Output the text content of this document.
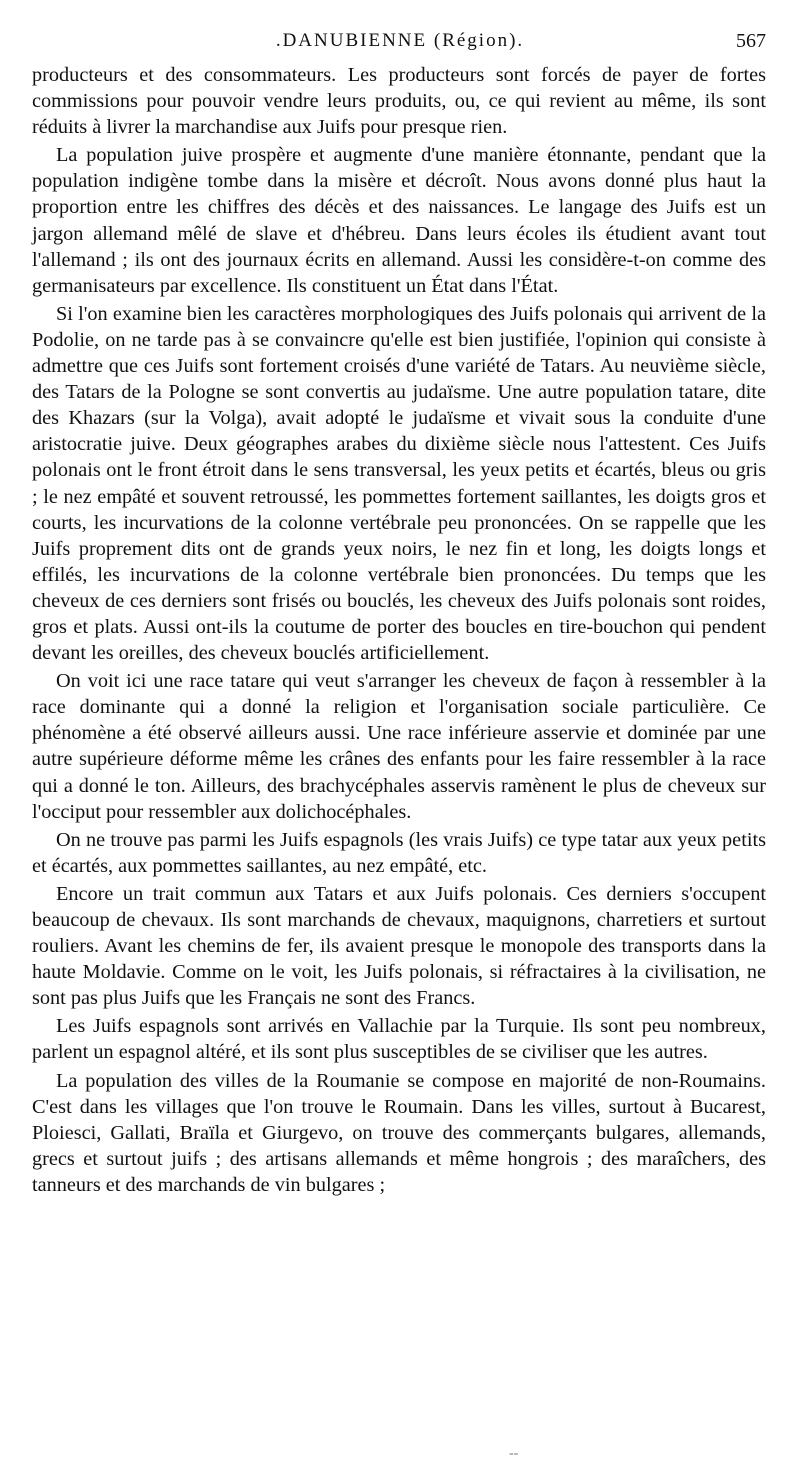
.DANUBIENNE (Région).	567

producteurs et des consommateurs. Les producteurs sont forcés de payer de fortes commissions pour pouvoir vendre leurs produits, ou, ce qui revient au même, ils sont réduits à livrer la marchandise aux Juifs pour presque rien.

La population juive prospère et augmente d'une manière étonnante, pendant que la population indigène tombe dans la misère et décroît. Nous avons donné plus haut la proportion entre les chiffres des décès et des naissances. Le langage des Juifs est un jargon allemand mêlé de slave et d'hébreu. Dans leurs écoles ils étudient avant tout l'allemand ; ils ont des journaux écrits en allemand. Aussi les considère-t-on comme des germanisateurs par excellence. Ils constituent un État dans l'État.

Si l'on examine bien les caractères morphologiques des Juifs polonais qui arrivent de la Podolie, on ne tarde pas à se convaincre qu'elle est bien justifiée, l'opinion qui consiste à admettre que ces Juifs sont fortement croisés d'une variété de Tatars. Au neuvième siècle, des Tatars de la Pologne se sont convertis au judaïsme. Une autre population tatare, dite des Khazars (sur la Volga), avait adopté le judaïsme et vivait sous la conduite d'une aristocratie juive. Deux géographes arabes du dixième siècle nous l'attestent. Ces Juifs polonais ont le front étroit dans le sens transversal, les yeux petits et écartés, bleus ou gris ; le nez empâté et souvent retroussé, les pommettes fortement saillantes, les doigts gros et courts, les incurvations de la colonne vertébrale peu prononcées. On se rappelle que les Juifs proprement dits ont de grands yeux noirs, le nez fin et long, les doigts longs et effilés, les incurvations de la colonne vertébrale bien prononcées. Du temps que les cheveux de ces derniers sont frisés ou bouclés, les cheveux des Juifs polonais sont roides, gros et plats. Aussi ont-ils la coutume de porter des boucles en tire-bouchon qui pendent devant les oreilles, des cheveux bouclés artificiellement.

On voit ici une race tatare qui veut s'arranger les cheveux de façon à ressembler à la race dominante qui a donné la religion et l'organisation sociale particulière. Ce phénomène a été observé ailleurs aussi. Une race inférieure asservie et dominée par une autre supérieure déforme même les crânes des enfants pour les faire ressembler à la race qui a donné le ton. Ailleurs, des brachycéphales asservis ramènent le plus de cheveux sur l'occiput pour ressembler aux dolichocéphales.

On ne trouve pas parmi les Juifs espagnols (les vrais Juifs) ce type tatar aux yeux petits et écartés, aux pommettes saillantes, au nez empâté, etc.

Encore un trait commun aux Tatars et aux Juifs polonais. Ces derniers s'occupent beaucoup de chevaux. Ils sont marchands de chevaux, maquignons, charretiers et surtout rouliers. Avant les chemins de fer, ils avaient presque le monopole des transports dans la haute Moldavie. Comme on le voit, les Juifs polonais, si réfractaires à la civilisation, ne sont pas plus Juifs que les Français ne sont des Francs.

Les Juifs espagnols sont arrivés en Vallachie par la Turquie. Ils sont peu nombreux, parlent un espagnol altéré, et ils sont plus susceptibles de se civiliser que les autres.

La population des villes de la Roumanie se compose en majorité de non-Roumains. C'est dans les villages que l'on trouve le Roumain. Dans les villes, surtout à Bucarest, Ploiesci, Gallati, Braïla et Giurgevo, on trouve des commerçants bulgares, allemands, grecs et surtout juifs ; des artisans allemands et même hongrois ; des maraîchers, des tanneurs et des marchands de vin bulgares ;

--
